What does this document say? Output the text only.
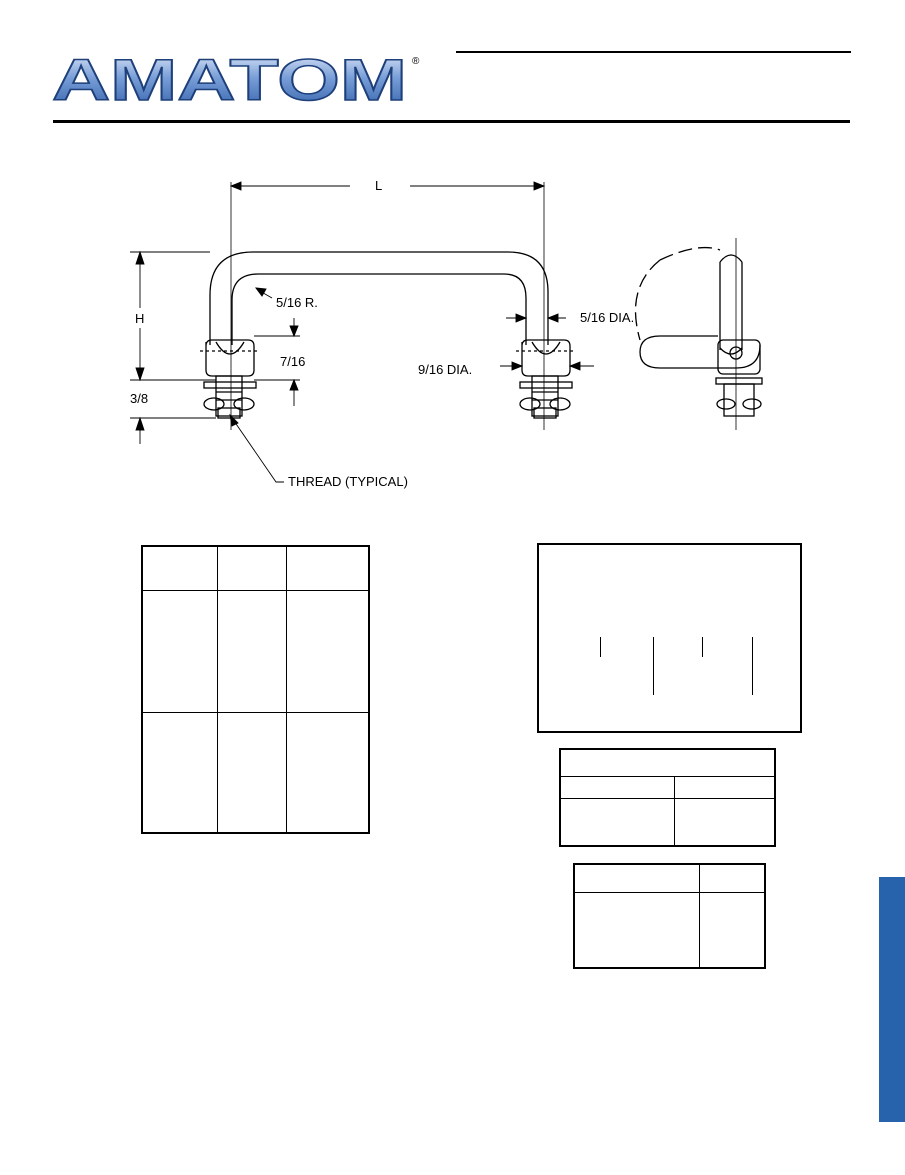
AMATOM ®
L
H
5/16 R.
5/16 DIA.
7/16
9/16 DIA.
3/8
THREAD (TYPICAL)
